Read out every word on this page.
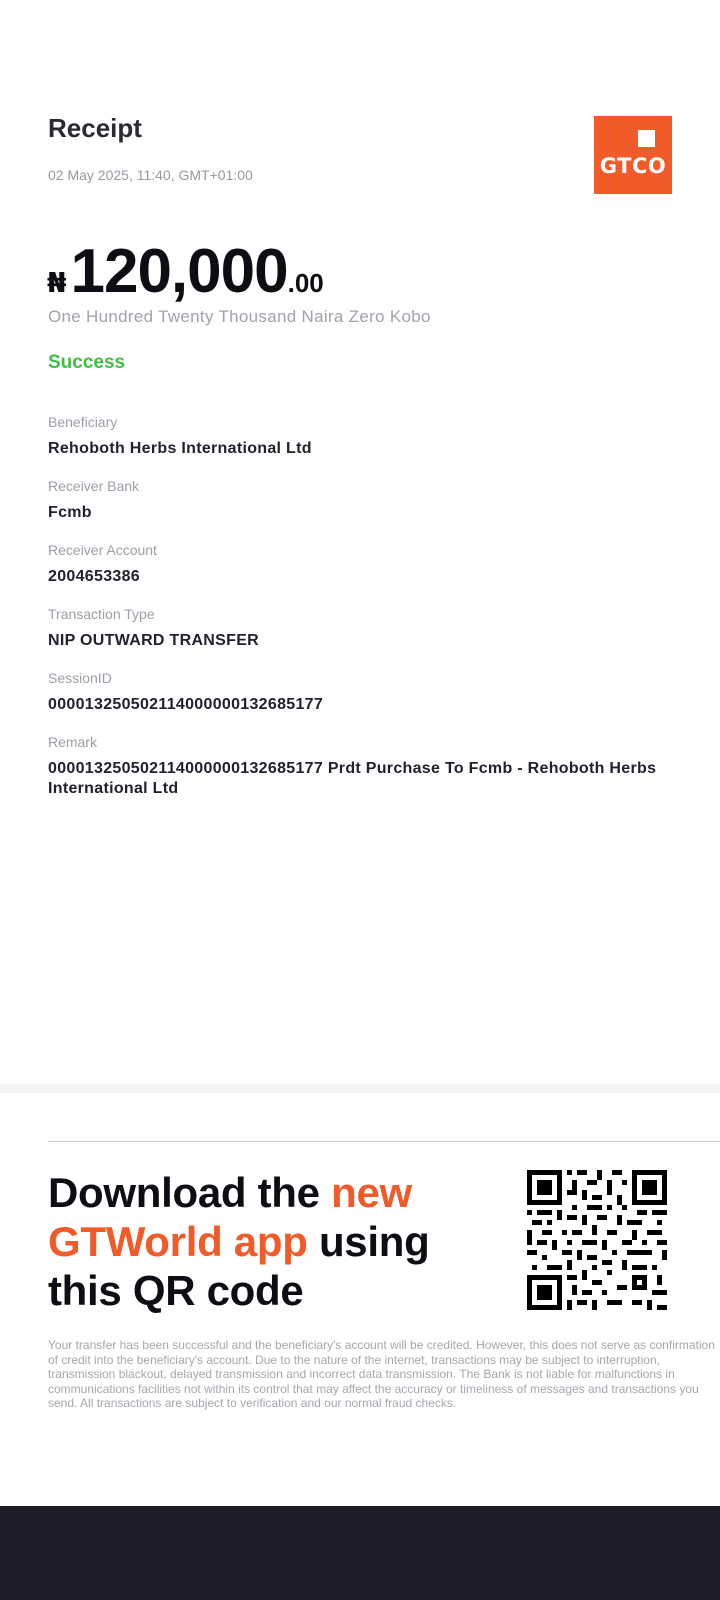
Receipt
02 May 2025, 11:40, GMT+01:00	GTCO
₦120,000.00
One Hundred Twenty Thousand Naira Zero Kobo
Success
Beneficiary
Rehoboth Herbs International Ltd
Receiver Bank
Fcmb
Receiver Account
2004653386
Transaction Type
NIP OUTWARD TRANSFER
SessionID
000013250502114000000132685177
Remark
000013250502114000000132685177 Prdt Purchase To Fcmb - Rehoboth Herbs International Ltd
Download the new GTWorld app using this QR code
Your transfer has been successful and the beneficiary's account will be credited. However, this does not serve as confirmation of credit into the beneficiary's account. Due to the nature of the internet, transactions may be subject to interruption, transmission blackout, delayed transmission and incorrect data transmission. The Bank is not liable for malfunctions in communications facilities not within its control that may affect the accuracy or timeliness of messages and transactions you send. All transactions are subject to verification and our normal fraud checks.
